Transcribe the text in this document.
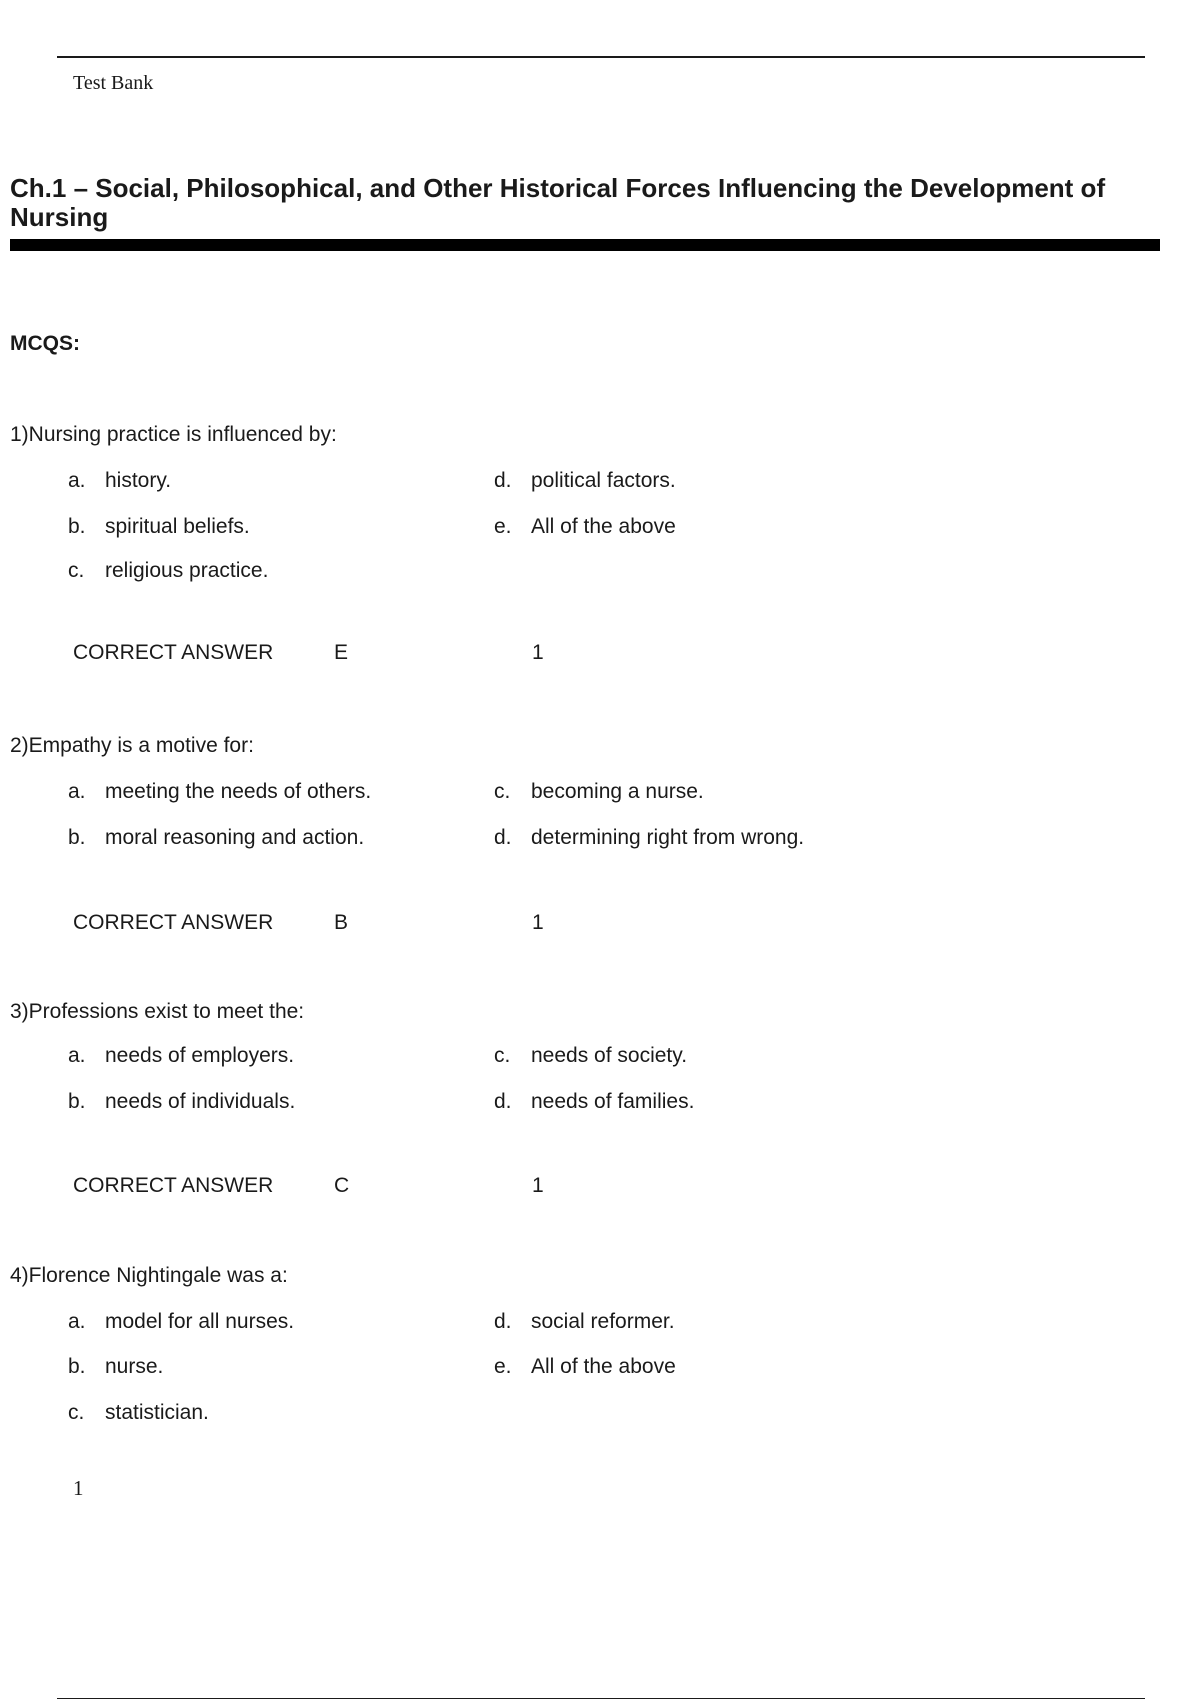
Test Bank
Ch.1 – Social, Philosophical, and Other Historical Forces Influencing the Development of Nursing
MCQS:
1)Nursing practice is influenced by:
a. history.
b. spiritual beliefs.
c. religious practice.
d. political factors.
e. All of the above
CORRECT ANSWER	E	1
2)Empathy is a motive for:
a. meeting the needs of others.
b. moral reasoning and action.
c. becoming a nurse.
d. determining right from wrong.
CORRECT ANSWER	B	1
3)Professions exist to meet the:
a. needs of employers.
b. needs of individuals.
c. needs of society.
d. needs of families.
CORRECT ANSWER	C	1
4)Florence Nightingale was a:
a. model for all nurses.
b. nurse.
c. statistician.
d. social reformer.
e. All of the above
1
